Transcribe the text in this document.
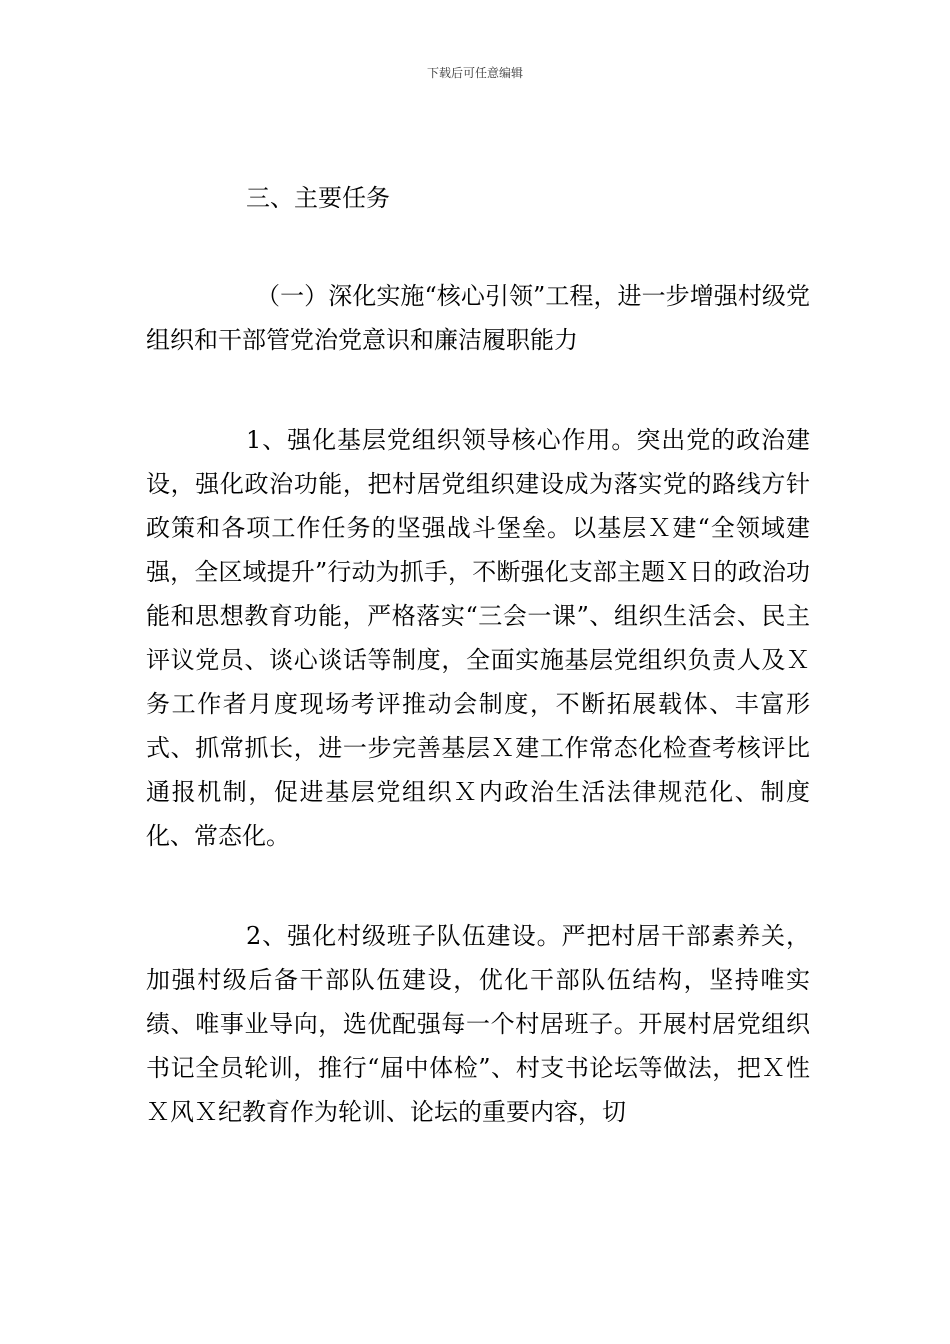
下载后可任意编辑

三、主要任务

（一）深化实施“核心引领”工程，进一步增强村级党组织和干部管党治党意识和廉洁履职能力

1、强化基层党组织领导核心作用。突出党的政治建设，强化政治功能，把村居党组织建设成为落实党的路线方针政策和各项工作任务的坚强战斗堡垒。以基层Ｘ建“全领域建强，全区域提升”行动为抓手，不断强化支部主题Ｘ日的政治功能和思想教育功能，严格落实“三会一课”、组织生活会、民主评议党员、谈心谈话等制度，全面实施基层党组织负责人及Ｘ务工作者月度现场考评推动会制度，不断拓展载体、丰富形式、抓常抓长，进一步完善基层Ｘ建工作常态化检查考核评比通报机制，促进基层党组织Ｘ内政治生活法律规范化、制度化、常态化。

2、强化村级班子队伍建设。严把村居干部素养关，加强村级后备干部队伍建设，优化干部队伍结构，坚持唯实绩、唯事业导向，选优配强每一个村居班子。开展村居党组织书记全员轮训，推行“届中体检”、村支书论坛等做法，把Ｘ性Ｘ风Ｘ纪教育作为轮训、论坛的重要内容，切
